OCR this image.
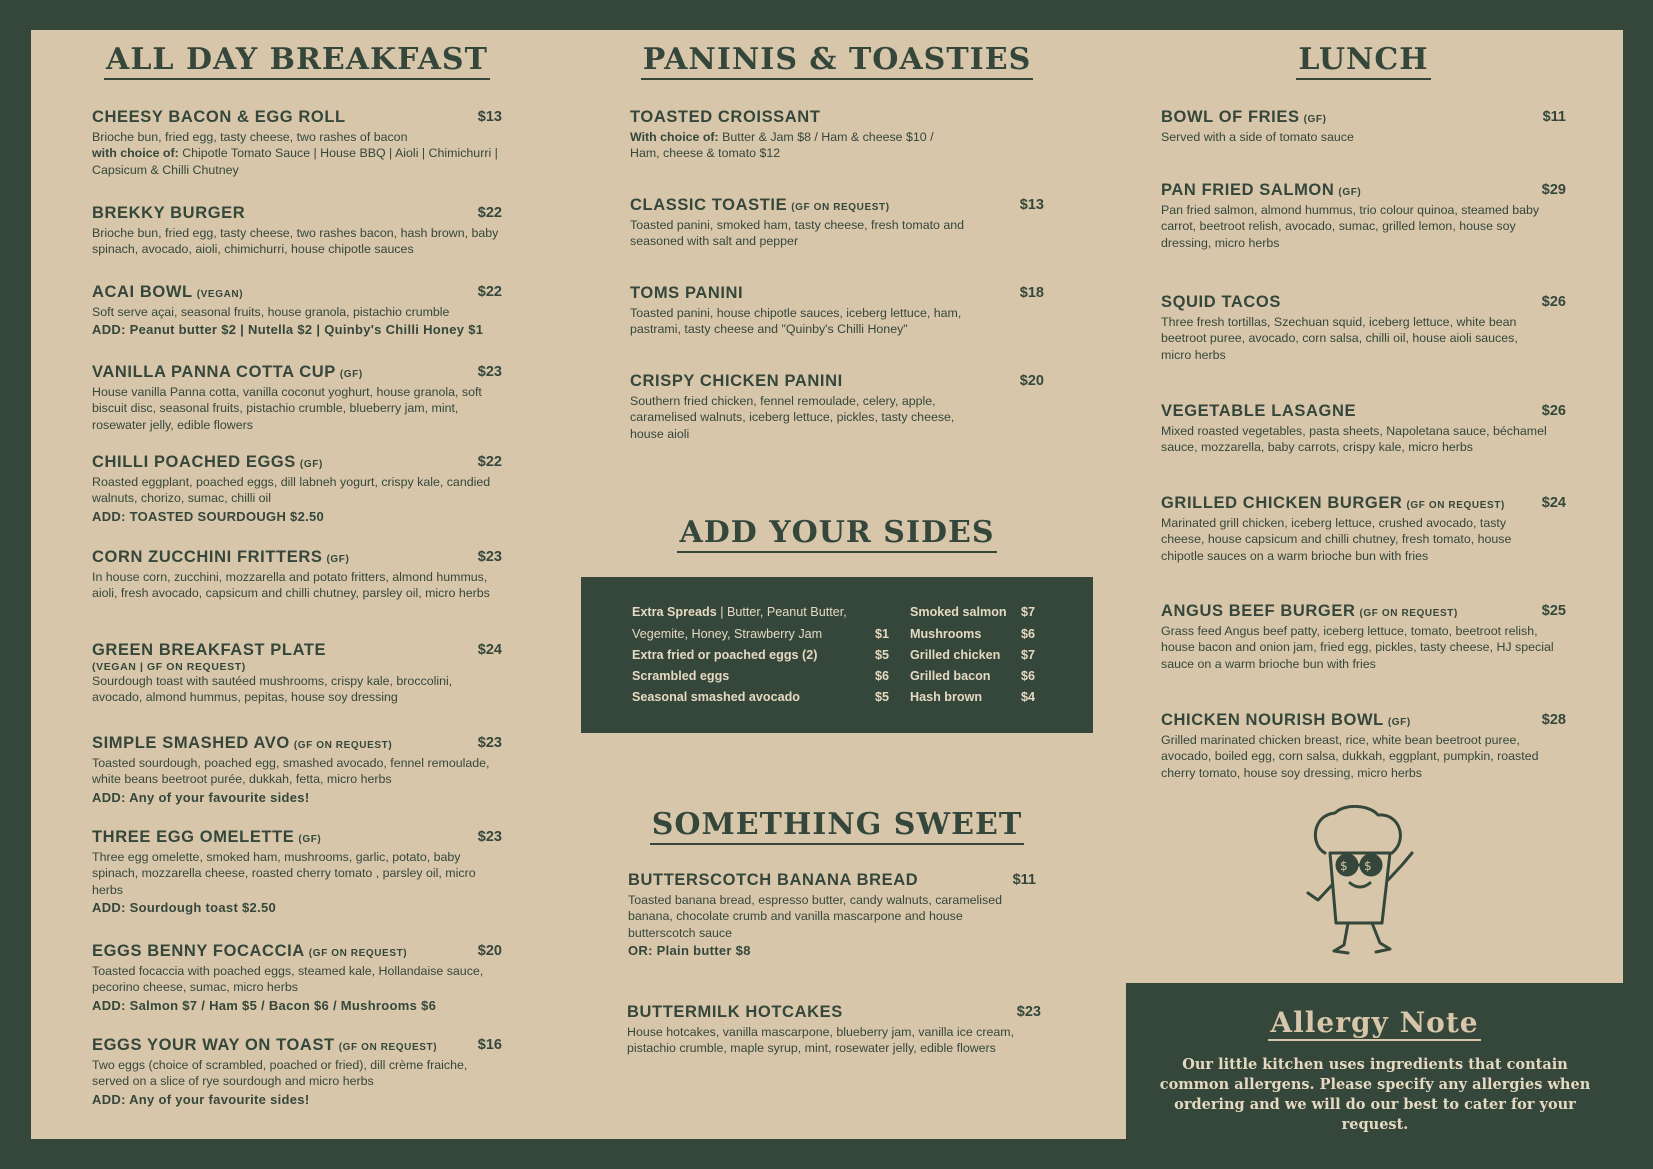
ALL DAY BREAKFAST
CHEESY BACON & EGG ROLL	$13
Brioche bun, fried egg, tasty cheese, two rashes of bacon
with choice of: Chipotle Tomato Sauce | House BBQ | Aioli | Chimichurri | Capsicum & Chilli Chutney
BREKKY BURGER	$22
Brioche bun, fried egg, tasty cheese, two rashes bacon, hash brown, baby spinach, avocado, aioli, chimichurri, house chipotle sauces
ACAI BOWL (VEGAN)	$22
Soft serve açai, seasonal fruits, house granola, pistachio crumble
ADD: Peanut butter $2 | Nutella $2 | Quinby's Chilli Honey $1
VANILLA PANNA COTTA CUP (GF)	$23
House vanilla Panna cotta, vanilla coconut yoghurt, house granola, soft biscuit disc, seasonal fruits, pistachio crumble, blueberry jam, mint, rosewater jelly, edible flowers
CHILLI POACHED EGGS (GF)	$22
Roasted eggplant, poached eggs, dill labneh yogurt, crispy kale, candied walnuts, chorizo, sumac, chilli oil
ADD: TOASTED SOURDOUGH $2.50
CORN ZUCCHINI FRITTERS (GF)	$23
In house corn, zucchini, mozzarella and potato fritters, almond hummus, aioli, fresh avocado, capsicum and chilli chutney, parsley oil, micro herbs
GREEN BREAKFAST PLATE	$24
(VEGAN | GF ON REQUEST)
Sourdough toast with sautéed mushrooms, crispy kale, broccolini, avocado, almond hummus, pepitas, house soy dressing
SIMPLE SMASHED AVO (GF ON REQUEST)	$23
Toasted sourdough, poached egg, smashed avocado, fennel remoulade, white beans beetroot purée, dukkah, fetta, micro herbs
ADD: Any of your favourite sides!
THREE EGG OMELETTE (GF)	$23
Three egg omelette, smoked ham, mushrooms, garlic, potato, baby spinach, mozzarella cheese, roasted cherry tomato , parsley oil, micro herbs
ADD: Sourdough toast $2.50
EGGS BENNY FOCACCIA (GF ON REQUEST)	$20
Toasted focaccia with poached eggs, steamed kale, Hollandaise sauce, pecorino cheese, sumac, micro herbs
ADD: Salmon $7 / Ham $5 / Bacon $6 / Mushrooms $6
EGGS YOUR WAY ON TOAST (GF ON REQUEST)	$16
Two eggs (choice of scrambled, poached or fried), dill crème fraiche, served on a slice of rye sourdough and micro herbs
ADD: Any of your favourite sides!
PANINIS & TOASTIES
TOASTED CROISSANT
With choice of: Butter & Jam $8 / Ham & cheese $10 / Ham, cheese & tomato $12
CLASSIC TOASTIE (GF ON REQUEST)	$13
Toasted panini, smoked ham, tasty cheese, fresh tomato and seasoned with salt and pepper
TOMS PANINI	$18
Toasted panini, house chipotle sauces, iceberg lettuce, ham, pastrami, tasty cheese and "Quinby's Chilli Honey"
CRISPY CHICKEN PANINI	$20
Southern fried chicken, fennel remoulade, celery, apple, caramelised walnuts, iceberg lettuce, pickles, tasty cheese, house aioli
ADD YOUR SIDES
Extra Spreads | Butter, Peanut Butter,
Vegemite, Honey, Strawberry Jam	$1
Extra fried or poached eggs (2)	$5
Scrambled eggs	$6
Seasonal smashed avocado	$5
Smoked salmon $7
Mushrooms	$6
Grilled chicken $7
Grilled bacon $6
Hash brown	$4
SOMETHING SWEET
BUTTERSCOTCH BANANA BREAD	$11
Toasted banana bread, espresso butter, candy walnuts, caramelised banana, chocolate crumb and vanilla mascarpone and house butterscotch sauce
OR: Plain butter $8
BUTTERMILK HOTCAKES	$23
House hotcakes, vanilla mascarpone, blueberry jam, vanilla ice cream, pistachio crumble, maple syrup, mint, rosewater jelly, edible flowers
LUNCH
BOWL OF FRIES (GF)	$11
Served with a side of tomato sauce
PAN FRIED SALMON (GF)	$29
Pan fried salmon, almond hummus, trio colour quinoa, steamed baby carrot, beetroot relish, avocado, sumac, grilled lemon, house soy dressing, micro herbs
SQUID TACOS	$26
Three fresh tortillas, Szechuan squid, iceberg lettuce, white bean beetroot puree, avocado, corn salsa, chilli oil, house aioli sauces, micro herbs
VEGETABLE LASAGNE	$26
Mixed roasted vegetables, pasta sheets, Napoletana sauce, béchamel sauce, mozzarella, baby carrots, crispy kale, micro herbs
GRILLED CHICKEN BURGER (GF ON REQUEST)	$24
Marinated grill chicken, iceberg lettuce, crushed avocado, tasty cheese, house capsicum and chilli chutney, fresh tomato, house chipotle sauces on a warm brioche bun with fries
ANGUS BEEF BURGER (GF ON REQUEST)	$25
Grass feed Angus beef patty, iceberg lettuce, tomato, beetroot relish, house bacon and onion jam, fried egg, pickles, tasty cheese, HJ special sauce on a warm brioche bun with fries
CHICKEN NOURISH BOWL (GF)	$28
Grilled marinated chicken breast, rice, white bean beetroot puree, avocado, boiled egg, corn salsa, dukkah, eggplant, pumpkin, roasted cherry tomato, house soy dressing, micro herbs
$ $
Allergy Note
Our little kitchen uses ingredients that contain common allergens. Please specify any allergies when ordering and we will do our best to cater for your request.
